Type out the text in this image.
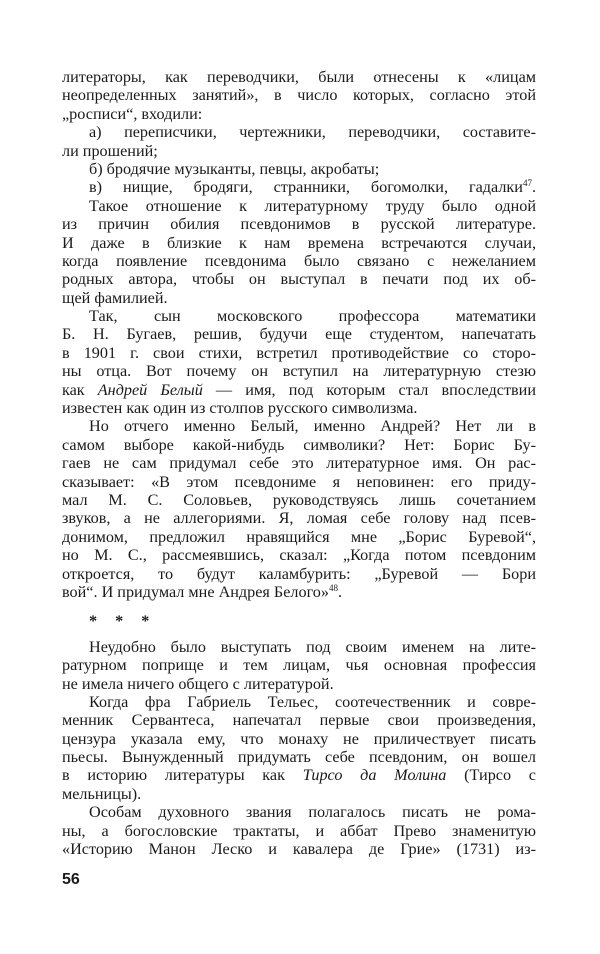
литераторы, как переводчики, были отнесены к «лицам
неопределенных занятий», в число которых, согласно этой
„росписи“, входили:
а) переписчики, чертежники, переводчики, составите-
ли прошений;
б) бродячие музыканты, певцы, акробаты;
в) нищие, бродяги, странники, богомолки, гадалки$^{47}$.
Такое отношение к литературному труду было одной
из причин обилия псевдонимов в русской литературе.
И даже в близкие к нам времена встречаются случаи,
когда появление псевдонима было связано с нежеланием
родных автора, чтобы он выступал в печати под их об-
щей фамилией.
Так, сын московского профессора математики
Б. Н. Бугаев, решив, будучи еще студентом, напечатать
в 1901 г. свои стихи, встретил противодействие со сторо-
ны отца. Вот почему он вступил на литературную стезю
как Андрей Белый — имя, под которым стал впоследствии
известен как один из столпов русского символизма.
Но отчего именно Белый, именно Андрей? Нет ли в
самом выборе какой-нибудь символики? Нет: Борис Бу-
гаев не сам придумал себе это литературное имя. Он рас-
сказывает: «В этом псевдониме я неповинен: его приду-
мал М. С. Соловьев, руководствуясь лишь сочетанием
звуков, а не аллегориями. Я, ломая себе голову над псев-
донимом, предложил нравящийся мне „Борис Буревой“,
но М. С., рассмеявшись, сказал: „Когда потом псевдоним
откроется, то будут каламбурить: „Буревой — Бори
вой“. И придумал мне Андрея Белого»$^{48}$.
* * *
Неудобно было выступать под своим именем на лите-
ратурном поприще и тем лицам, чья основная профессия
не имела ничего общего с литературой.
Когда фра Габриель Тельес, соотечественник и совре-
менник Сервантеса, напечатал первые свои произведения,
цензура указала ему, что монаху не приличествует писать
пьесы. Вынужденный придумать себе псевдоним, он вошел
в историю литературы как Тирсо да Молина (Тирсо с
мельницы).
Особам духовного звания полагалось писать не рома-
ны, а богословские трактаты, и аббат Прево знаменитую
«Историю Манон Леско и кавалера де Грие» (1731) из-
56
